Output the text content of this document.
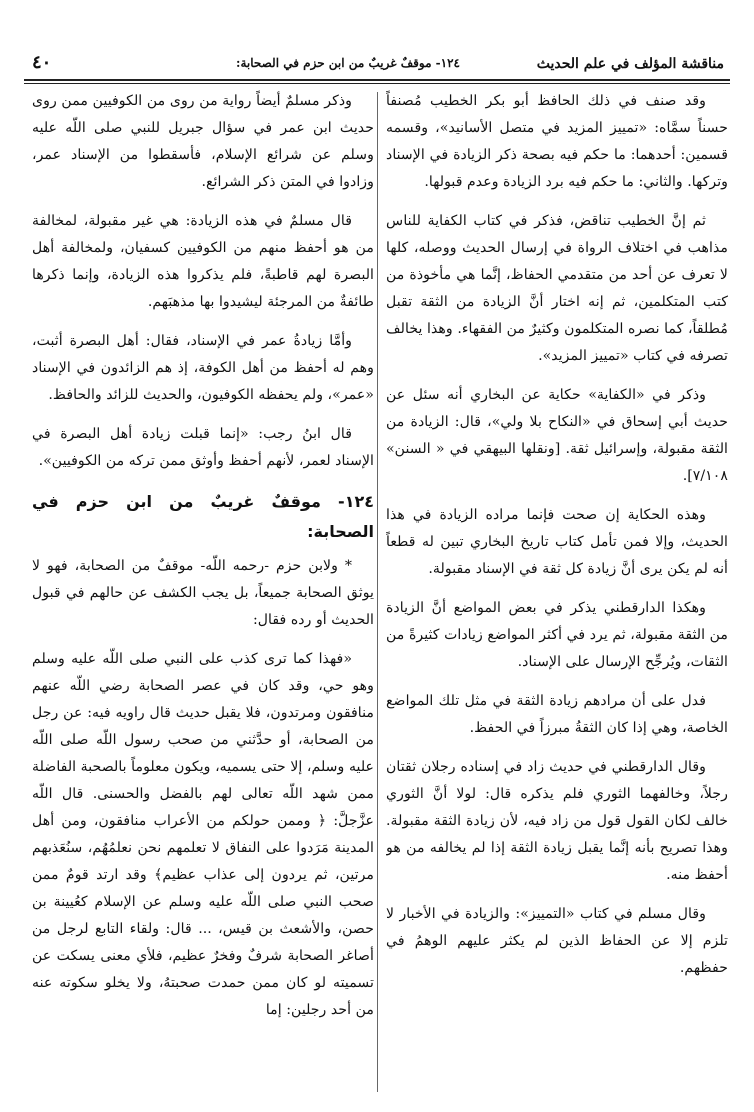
مناقشة المؤلف في علم الحديث
١٢٤- موقفٌ غريبٌ من ابن حزم في الصحابة:
٤٠

وقد صنف في ذلك الحافظ أبو بكر الخطيب مُصنفاً حسناً سمَّاه: «تمييز المزيد في متصل الأسانيد»، وقسمه قسمين: أحدهما: ما حكم فيه بصحة ذكر الزيادة في الإسناد وتركها. والثاني: ما حكم فيه برد الزيادة وعدم قبولها.

ثم إنَّ الخطيب تناقض، فذكر في كتاب الكفاية للناس مذاهب في اختلاف الرواة في إرسال الحديث ووصله، كلها لا تعرف عن أحد من متقدمي الحفاظ، إنَّما هي مأخوذة من كتب المتكلمين، ثم إنه اختار أنَّ الزيادة من الثقة تقبل مُطلقاً، كما نصره المتكلمون وكثيرٌ من الفقهاء. وهذا يخالف تصرفه في كتاب «تمييز المزيد».

وذكر في «الكفاية» حكاية عن البخاري أنه سئل عن حديث أبي إسحاق في «النكاح بلا ولي»، قال: الزيادة من الثقة مقبولة، وإسرائيل ثقة. [ونقلها البيهقي في « السنن» ٧/١٠٨].

وهذه الحكاية إن صحت فإنما مراده الزيادة في هذا الحديث، وإلا فمن تأمل كتاب تاريخ البخاري تبين له قطعاً أنه لم يكن يرى أنَّ زيادة كل ثقة في الإسناد مقبولة.

وهكذا الدارقطني يذكر في بعض المواضع أنَّ الزيادة من الثقة مقبولة، ثم يرد في أكثر المواضع زيادات كثيرةً من الثقات، ويُرجِّح الإرسال على الإسناد.

فدل على أن مرادهم زيادة الثقة في مثل تلك المواضع الخاصة، وهي إذا كان الثقةُ مبرزاً في الحفظ.

وقال الدارقطني في حديث زاد في إسناده رجلان ثقتان رجلاً، وخالفهما الثوري فلم يذكره قال: لولا أنَّ الثوري خالف لكان القول قول من زاد فيه، لأن زيادة الثقة مقبولة. وهذا تصريح بأنه إنَّما يقبل زيادة الثقة إذا لم يخالفه من هو أحفظ منه.

وقال مسلم في كتاب «التمييز»: والزيادة في الأخبار لا تلزم إلا عن الحفاظ الذين لم يكثر عليهم الوهمُ في حفظهم.

وذكر مسلمٌ أيضاً رواية من روى من الكوفيين ممن روى حديث ابن عمر في سؤال جبريل للنبي صلى اللّه عليه وسلم عن شرائع الإسلام، فأسقطوا من الإسناد عمر، وزادوا في المتن ذكر الشرائع.

قال مسلمٌ في هذه الزيادة: هي غير مقبولة، لمخالفة من هو أحفظ منهم من الكوفيين كسفيان، ولمخالفة أهل البصرة لهم قاطبةً، فلم يذكروا هذه الزيادة، وإنما ذكرها طائفةٌ من المرجئة ليشيدوا بها مذهبَهم.

وأمَّا زيادةُ عمر في الإسناد، فقال: أهل البصرة أثبت، وهم له أحفظ من أهل الكوفة، إذ هم الزائدون في الإسناد «عمر»، ولم يحفظه الكوفيون، والحديث للزائد والحافظ.

قال ابنُ رجب: «إنما قبلت زيادة أهل البصرة في الإسناد لعمر، لأنهم أحفظ وأوثق ممن تركه من الكوفيين».

١٢٤- موقفٌ غريبٌ من ابن حزم في الصحابة:

* ولابن حزم -رحمه اللّه- موقفٌ من الصحابة، فهو لا يوثق الصحابة جميعاً، بل يجب الكشف عن حالهم في قبول الحديث أو رده فقال:

«فهذا كما ترى كذب على النبي صلى اللّه عليه وسلم وهو حي، وقد كان في عصر الصحابة رضي اللّه عنهم منافقون ومرتدون، فلا يقبل حديث قال راويه فيه: عن رجل من الصحابة، أو حدَّثني من صحب رسول اللّه صلى اللّه عليه وسلم، إلا حتى يسميه، ويكون معلوماً بالصحبة الفاضلة ممن شهد اللّه تعالى لهم بالفضل والحسنى. قال اللّه عزَّجلَّ: ﴿ وممن حولكم من الأعراب منافقون، ومن أهل المدينة مَرَدوا على النفاق لا تعلمهم نحن نعلمُهُم، سنُعَذبهم مرتين، ثم يردون إلى عذاب عظيم﴾ وقد ارتد قومٌ ممن صحب النبي صلى اللّه عليه وسلم عن الإسلام كعُيينة بن حصن، والأشعث بن قيس، ... قال: ولقاء التابع لرجل من أصاغر الصحابة شرفٌ وفخرٌ عظيم، فلأي معنى يسكت عن تسميته لو كان ممن حمدت صحبتهُ، ولا يخلو سكوته عنه من أحد رجلين: إما
